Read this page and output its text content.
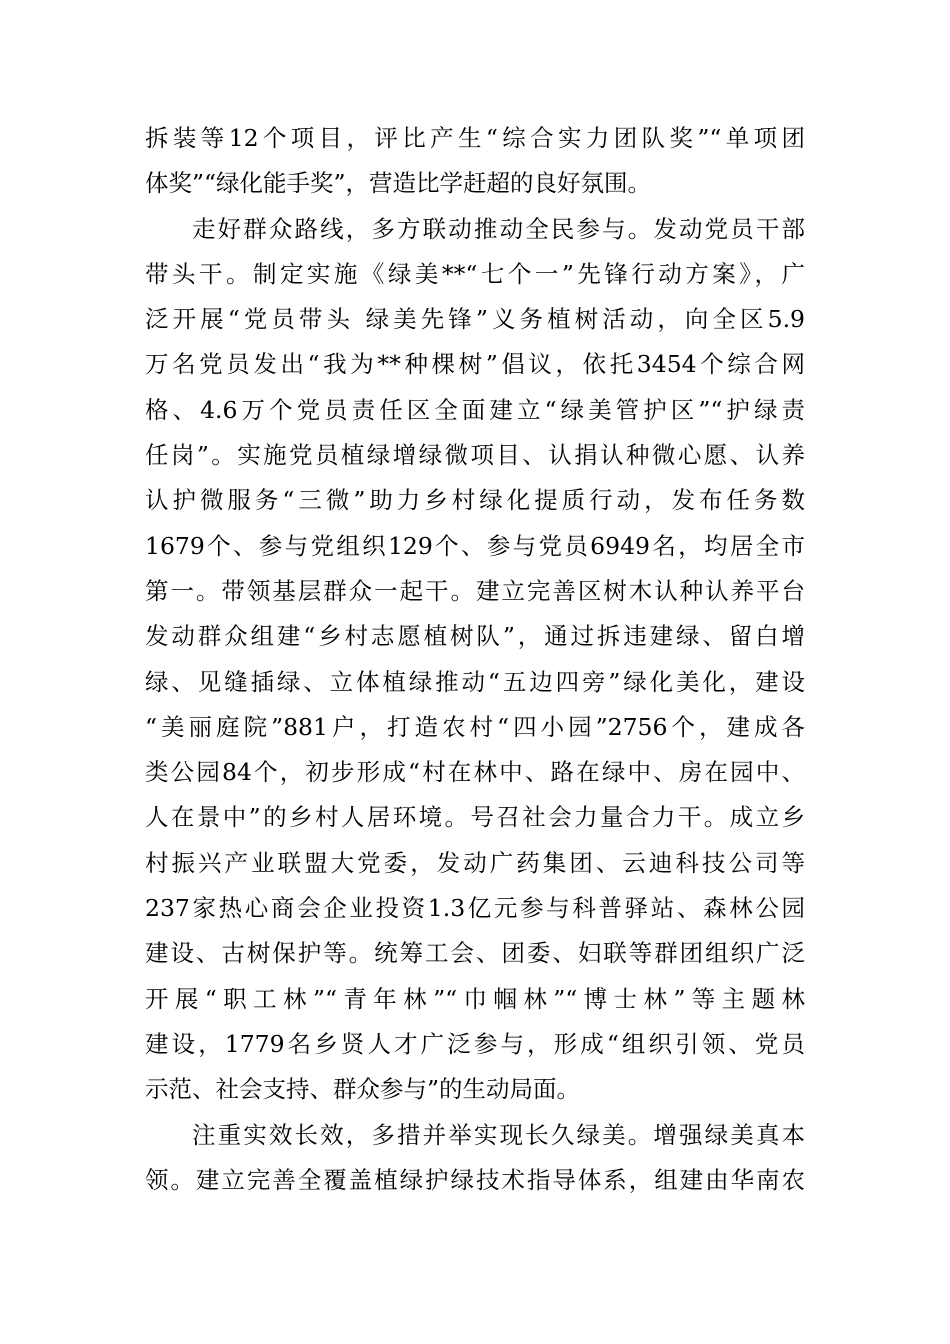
拆装等12个项目，评比产生“综合实力团队奖”“单项团
体奖”“绿化能手奖”，营造比学赶超的良好氛围。
走好群众路线，多方联动推动全民参与。发动党员干部
带头干。制定实施《绿美**“七个一”先锋行动方案》，广
泛开展“党员带头 绿美先锋”义务植树活动，向全区5.9
万名党员发出“我为**种棵树”倡议，依托3454个综合网
格、4.6万个党员责任区全面建立“绿美管护区”“护绿责
任岗”。实施党员植绿增绿微项目、认捐认种微心愿、认养
认护微服务“三微”助力乡村绿化提质行动，发布任务数
1679个、参与党组织129个、参与党员6949名，均居全市
第一。带领基层群众一起干。建立完善区树木认种认养平台
发动群众组建“乡村志愿植树队”，通过拆违建绿、留白增
绿、见缝插绿、立体植绿推动“五边四旁”绿化美化，建设
“美丽庭院”881户，打造农村“四小园”2756个，建成各
类公园84个，初步形成“村在林中、路在绿中、房在园中、
人在景中”的乡村人居环境。号召社会力量合力干。成立乡
村振兴产业联盟大党委，发动广药集团、云迪科技公司等
237家热心商会企业投资1.3亿元参与科普驿站、森林公园
建设、古树保护等。统筹工会、团委、妇联等群团组织广泛
开展“职工林”“青年林”“巾帼林”“博士林”等主题林
建设，1779名乡贤人才广泛参与，形成“组织引领、党员
示范、社会支持、群众参与”的生动局面。
注重实效长效，多措并举实现长久绿美。增强绿美真本
领。建立完善全覆盖植绿护绿技术指导体系，组建由华南农
